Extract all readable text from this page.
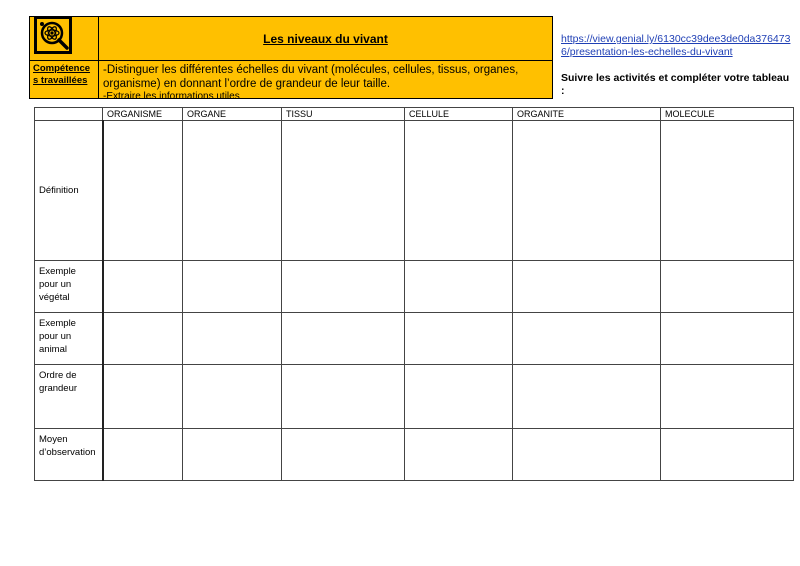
Les niveaux du vivant
Compétences travaillées
-Distinguer les différentes échelles du vivant (molécules, cellules, tissus, organes, organisme) en donnant l’ordre de grandeur de leur taille.
-Extraire les informations utiles
https://view.genial.ly/6130cc39dee3de0da3764736/presentation-les-echelles-du-vivant
Suivre les activités et compléter votre tableau :
	ORGANISME	ORGANE	TISSU	CELLULE	ORGANITE	MOLECULE
Définition						
Exemple pour un végétal						
Exemple pour un animal						
Ordre de grandeur						
Moyen d’observation						
